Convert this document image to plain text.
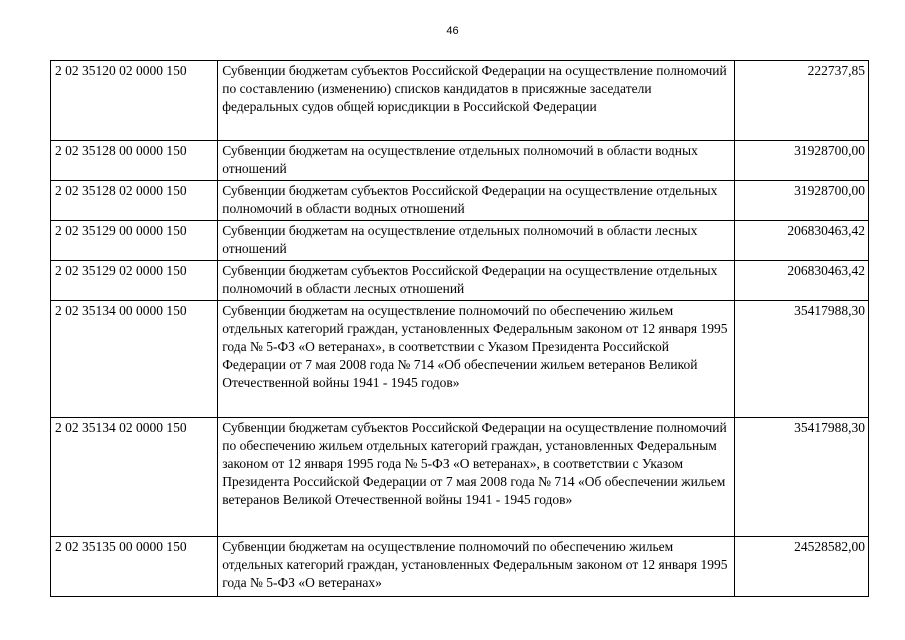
46
2 02 35120 02 0000 150	Субвенции бюджетам субъектов Российской Федерации на осуществление полномочий по составлению (изменению) списков кандидатов в присяжные заседатели федеральных судов общей юрисдикции в Российской Федерации	222737,85
2 02 35128 00 0000 150	Субвенции бюджетам на осуществление отдельных полномочий в области водных отношений	31928700,00
2 02 35128 02 0000 150	Субвенции бюджетам субъектов Российской Федерации на осуществление отдельных полномочий в области водных отношений	31928700,00
2 02 35129 00 0000 150	Субвенции бюджетам на осуществление отдельных полномочий в области лесных отношений	206830463,42
2 02 35129 02 0000 150	Субвенции бюджетам субъектов Российской Федерации на осуществление отдельных полномочий в области лесных отношений	206830463,42
2 02 35134 00 0000 150	Субвенции бюджетам на осуществление полномочий по обеспечению жильем отдельных категорий граждан, установленных Федеральным законом от 12 января 1995 года № 5-ФЗ «О ветеранах», в соответствии с Указом Президента Российской Федерации от 7 мая 2008 года № 714 «Об обеспечении жильем ветеранов Великой Отечественной войны 1941 - 1945 годов»	35417988,30
2 02 35134 02 0000 150	Субвенции бюджетам субъектов Российской Федерации на осуществление полномочий по обеспечению жильем отдельных категорий граждан, установленных Федеральным законом от 12 января 1995 года № 5-ФЗ «О ветеранах», в соответствии с Указом Президента Российской Федерации от 7 мая 2008 года № 714 «Об обеспечении жильем ветеранов Великой Отечественной войны 1941 - 1945 годов»	35417988,30
2 02 35135 00 0000 150	Субвенции бюджетам на осуществление полномочий по обеспечению жильем отдельных категорий граждан, установленных Федеральным законом от 12 января 1995 года № 5-ФЗ «О ветеранах»	24528582,00
